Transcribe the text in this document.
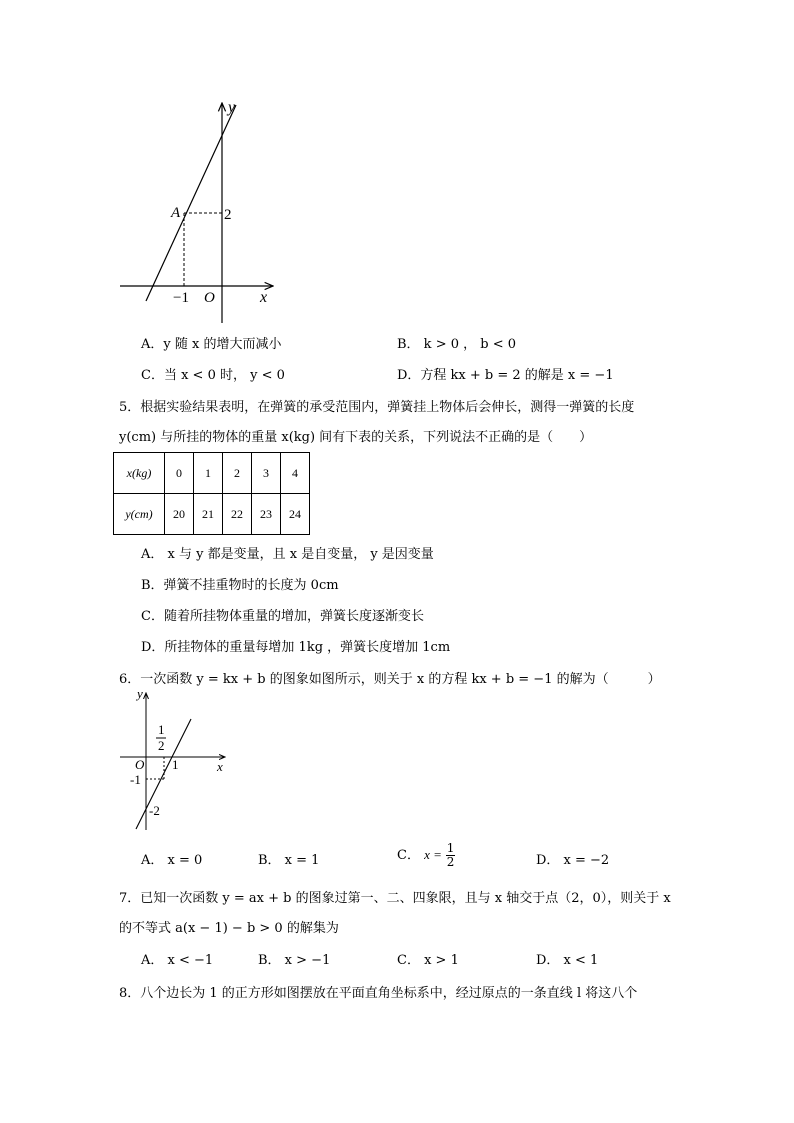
y
x
A	2
−1 O
A．y 随 x 的增大而减小	B． k > 0 ， b < 0
C．当 x < 0 时， y < 0	D．方程 kx + b = 2 的解是 x = −1
5．根据实验结果表明，在弹簧的承受范围内，弹簧挂上物体后会伸长，测得一弹簧的长度
y(cm) 与所挂的物体的重量 x(kg) 间有下表的关系，下列说法不正确的是（　　）
x(kg)	0	1	2	3	4
y(cm)	20	21	22	23	24
A． x 与 y 都是变量，且 x 是自变量， y 是因变量
B．弹簧不挂重物时的长度为 0cm
C．随着所挂物体重量的增加，弹簧长度逐渐变长
D．所挂物体的重量每增加 1kg ，弹簧长度增加 1cm
6．一次函数 y = kx + b 的图象如图所示，则关于 x 的方程 kx + b = −1 的解为（　　　）
y
x
O
1
2
1
-1
-2
A． x = 0	B． x = 1	C． $x = \frac{1}{2}$	D． x = −2
7．已知一次函数 y = ax + b 的图象过第一、二、四象限，且与 x 轴交于点（2，0），则关于 x
的不等式 a(x − 1) − b > 0 的解集为
A． x < −1	B． x > −1	C． x > 1	D． x < 1
8．八个边长为 1 的正方形如图摆放在平面直角坐标系中，经过原点的一条直线 l 将这八个
